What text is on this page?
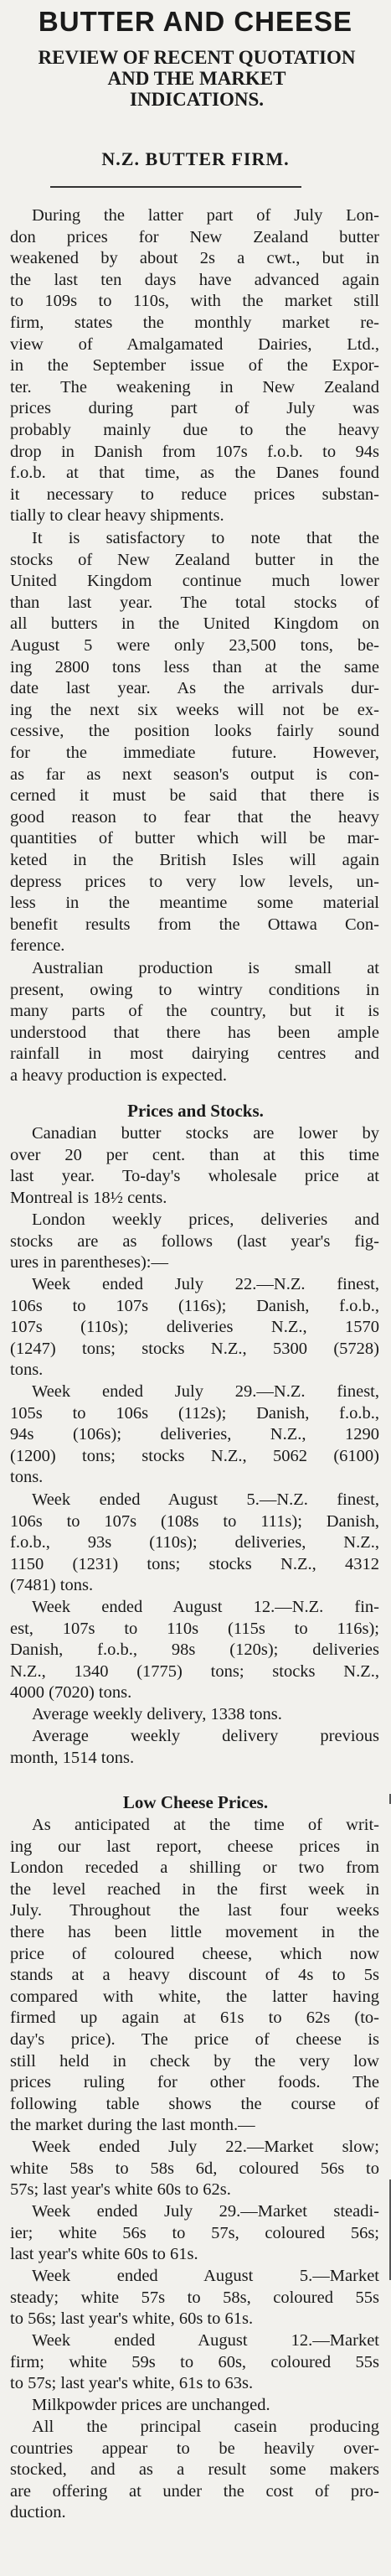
BUTTER AND CHEESE
REVIEW OF RECENT QUOTATION
AND THE MARKET
INDICATIONS.
N.Z. BUTTER FIRM.

During the latter part of July Lon-
don prices for New Zealand butter
weakened by about 2s a cwt., but in
the last ten days have advanced again
to 109s to 110s, with the market still
firm, states the monthly market re-
view of Amalgamated Dairies, Ltd.,
in the September issue of the Expor-
ter. The weakening in New Zealand
prices during part of July was
probably mainly due to the heavy
drop in Danish from 107s f.o.b. to 94s
f.o.b. at that time, as the Danes found
it necessary to reduce prices substan-
tially to clear heavy shipments.

It is satisfactory to note that the
stocks of New Zealand butter in the
United Kingdom continue much lower
than last year. The total stocks of
all butters in the United Kingdom on
August 5 were only 23,500 tons, be-
ing 2800 tons less than at the same
date last year. As the arrivals dur-
ing the next six weeks will not be ex-
cessive, the position looks fairly sound
for the immediate future. However,
as far as next season's output is con-
cerned it must be said that there is
good reason to fear that the heavy
quantities of butter which will be mar-
keted in the British Isles will again
depress prices to very low levels, un-
less in the meantime some material
benefit results from the Ottawa Con-
ference.

Australian production is small at
present, owing to wintry conditions in
many parts of the country, but it is
understood that there has been ample
rainfall in most dairying centres and
a heavy production is expected.

Prices and Stocks.

Canadian butter stocks are lower by
over 20 per cent. than at this time
last year. To-day's wholesale price at
Montreal is 18½ cents.

London weekly prices, deliveries and
stocks are as follows (last year's fig-
ures in parentheses):—

Week ended July 22.—N.Z. finest,
106s to 107s (116s); Danish, f.o.b.,
107s (110s); deliveries N.Z., 1570
(1247) tons; stocks N.Z., 5300 (5728)
tons.

Week ended July 29.—N.Z. finest,
105s to 106s (112s); Danish, f.o.b.,
94s (106s); deliveries, N.Z., 1290
(1200) tons; stocks N.Z., 5062 (6100)
tons.

Week ended August 5.—N.Z. finest,
106s to 107s (108s to 111s); Danish,
f.o.b., 93s (110s); deliveries, N.Z.,
1150 (1231) tons; stocks N.Z., 4312
(7481) tons.

Week ended August 12.—N.Z. fin-
est, 107s to 110s (115s to 116s);
Danish, f.o.b., 98s (120s); deliveries
N.Z., 1340 (1775) tons; stocks N.Z.,
4000 (7020) tons.

Average weekly delivery, 1338 tons.

Average weekly delivery previous
month, 1514 tons.

Low Cheese Prices.

As anticipated at the time of writ-
ing our last report, cheese prices in
London receded a shilling or two from
the level reached in the first week in
July. Throughout the last four weeks
there has been little movement in the
price of coloured cheese, which now
stands at a heavy discount of 4s to 5s
compared with white, the latter having
firmed up again at 61s to 62s (to-
day's price). The price of cheese is
still held in check by the very low
prices ruling for other foods. The
following table shows the course of
the market during the last month.—

Week ended July 22.—Market slow;
white 58s to 58s 6d, coloured 56s to
57s; last year's white 60s to 62s.

Week ended July 29.—Market steadi-
ier; white 56s to 57s, coloured 56s;
last year's white 60s to 61s.

Week ended August 5.—Market
steady; white 57s to 58s, coloured 55s
to 56s; last year's white, 60s to 61s.

Week ended August 12.—Market
firm; white 59s to 60s, coloured 55s
to 57s; last year's white, 61s to 63s.

Milkpowder prices are unchanged.

All the principal casein producing
countries appear to be heavily over-
stocked, and as a result some makers
are offering at under the cost of pro-
duction.
